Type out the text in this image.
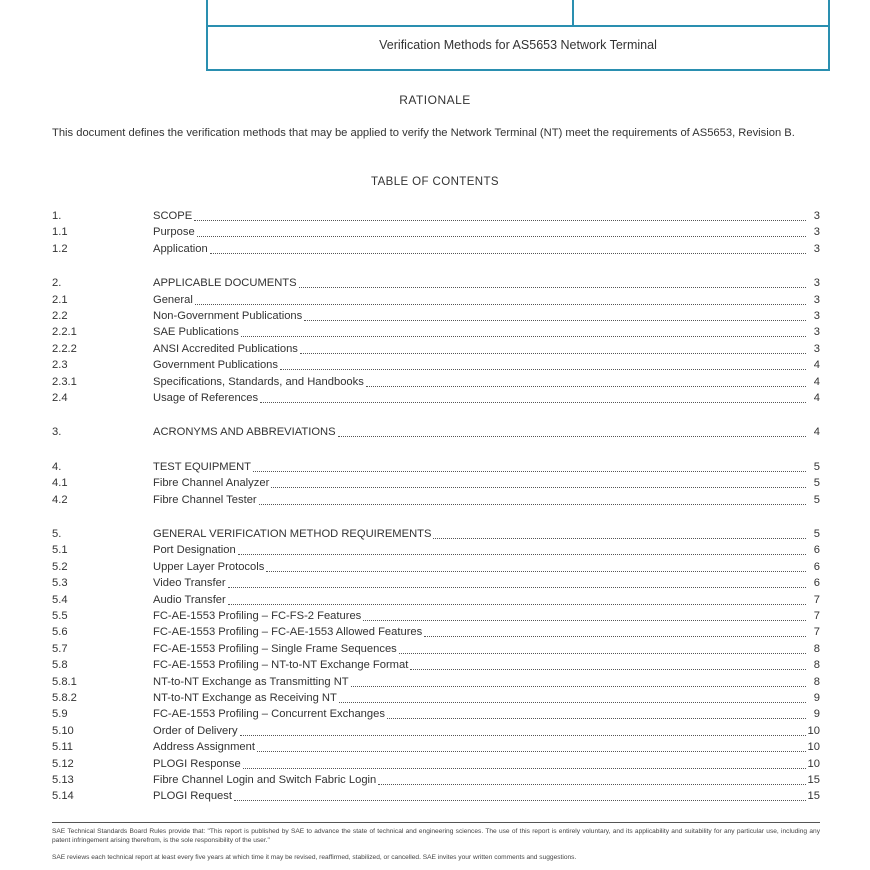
Verification Methods for AS5653 Network Terminal
RATIONALE
This document defines the verification methods that may be applied to verify the Network Terminal (NT) meet the requirements of AS5653, Revision B.
TABLE OF CONTENTS
1.	SCOPE	3
1.1	Purpose	3
1.2	Application	3
2.	APPLICABLE DOCUMENTS	3
2.1	General	3
2.2	Non-Government Publications	3
2.2.1	SAE Publications	3
2.2.2	ANSI Accredited Publications	3
2.3	Government Publications	4
2.3.1	Specifications, Standards, and Handbooks	4
2.4	Usage of References	4
3.	ACRONYMS AND ABBREVIATIONS	4
4.	TEST EQUIPMENT	5
4.1	Fibre Channel Analyzer	5
4.2	Fibre Channel Tester	5
5.	GENERAL VERIFICATION METHOD REQUIREMENTS	5
5.1	Port Designation	6
5.2	Upper Layer Protocols	6
5.3	Video Transfer	6
5.4	Audio Transfer	7
5.5	FC-AE-1553 Profiling – FC-FS-2 Features	7
5.6	FC-AE-1553 Profiling – FC-AE-1553 Allowed Features	7
5.7	FC-AE-1553 Profiling – Single Frame Sequences	8
5.8	FC-AE-1553 Profiling – NT-to-NT Exchange Format	8
5.8.1	NT-to-NT Exchange as Transmitting NT	8
5.8.2	NT-to-NT Exchange as Receiving NT	9
5.9	FC-AE-1553 Profiling – Concurrent Exchanges	9
5.10	Order of Delivery	10
5.11	Address Assignment	10
5.12	PLOGI Response	10
5.13	Fibre Channel Login and Switch Fabric Login	15
5.14	PLOGI Request	15
SAE Technical Standards Board Rules provide that: "This report is published by SAE to advance the state of technical and engineering sciences. The use of this report is entirely voluntary, and its applicability and suitability for any particular use, including any patent infringement arising therefrom, is the sole responsibility of the user."
SAE reviews each technical report at least every five years at which time it may be revised, reaffirmed, stabilized, or cancelled. SAE invites your written comments and suggestions.
